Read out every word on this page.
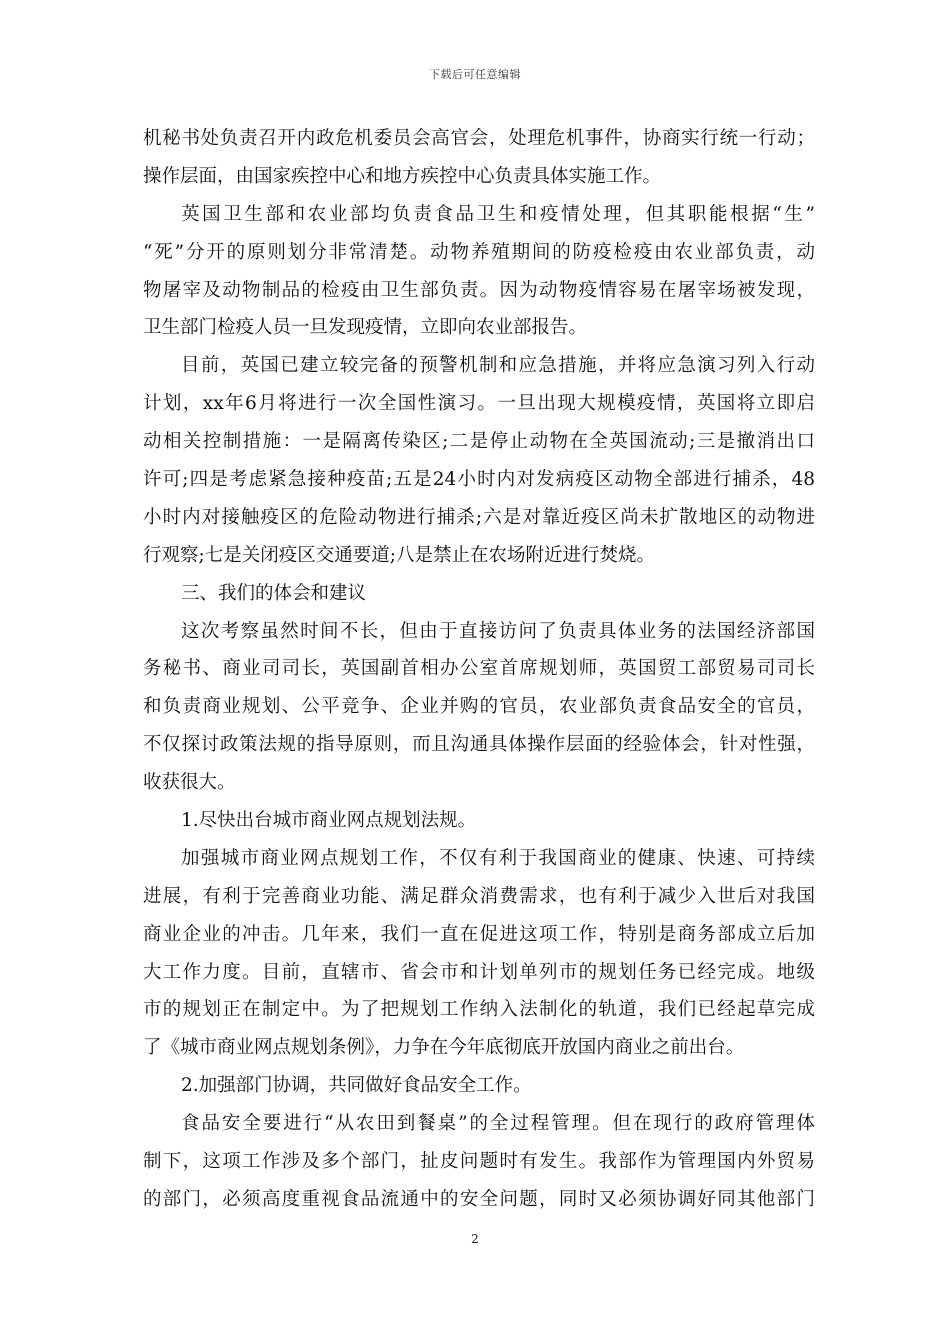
下载后可任意编辑
机秘书处负责召开内政危机委员会高官会，处理危机事件，协商实行统一行动；
操作层面，由国家疾控中心和地方疾控中心负责具体实施工作。
英国卫生部和农业部均负责食品卫生和疫情处理，但其职能根据“生”
“死”分开的原则划分非常清楚。动物养殖期间的防疫检疫由农业部负责，动
物屠宰及动物制品的检疫由卫生部负责。因为动物疫情容易在屠宰场被发现，
卫生部门检疫人员一旦发现疫情，立即向农业部报告。
目前，英国已建立较完备的预警机制和应急措施，并将应急演习列入行动
计划，xx年6月将进行一次全国性演习。一旦出现大规模疫情，英国将立即启
动相关控制措施：一是隔离传染区;二是停止动物在全英国流动;三是撤消出口
许可;四是考虑紧急接种疫苗;五是24小时内对发病疫区动物全部进行捕杀，48
小时内对接触疫区的危险动物进行捕杀;六是对靠近疫区尚未扩散地区的动物进
行观察;七是关闭疫区交通要道;八是禁止在农场附近进行焚烧。
三、我们的体会和建议
这次考察虽然时间不长，但由于直接访问了负责具体业务的法国经济部国
务秘书、商业司司长，英国副首相办公室首席规划师，英国贸工部贸易司司长
和负责商业规划、公平竞争、企业并购的官员，农业部负责食品安全的官员，
不仅探讨政策法规的指导原则，而且沟通具体操作层面的经验体会，针对性强，
收获很大。
1.尽快出台城市商业网点规划法规。
加强城市商业网点规划工作，不仅有利于我国商业的健康、快速、可持续
进展，有利于完善商业功能、满足群众消费需求，也有利于减少入世后对我国
商业企业的冲击。几年来，我们一直在促进这项工作，特别是商务部成立后加
大工作力度。目前，直辖市、省会市和计划单列市的规划任务已经完成。地级
市的规划正在制定中。为了把规划工作纳入法制化的轨道，我们已经起草完成
了《城市商业网点规划条例》，力争在今年底彻底开放国内商业之前出台。
2.加强部门协调，共同做好食品安全工作。
食品安全要进行“从农田到餐桌”的全过程管理。但在现行的政府管理体
制下，这项工作涉及多个部门，扯皮问题时有发生。我部作为管理国内外贸易
的部门，必须高度重视食品流通中的安全问题，同时又必须协调好同其他部门
2
